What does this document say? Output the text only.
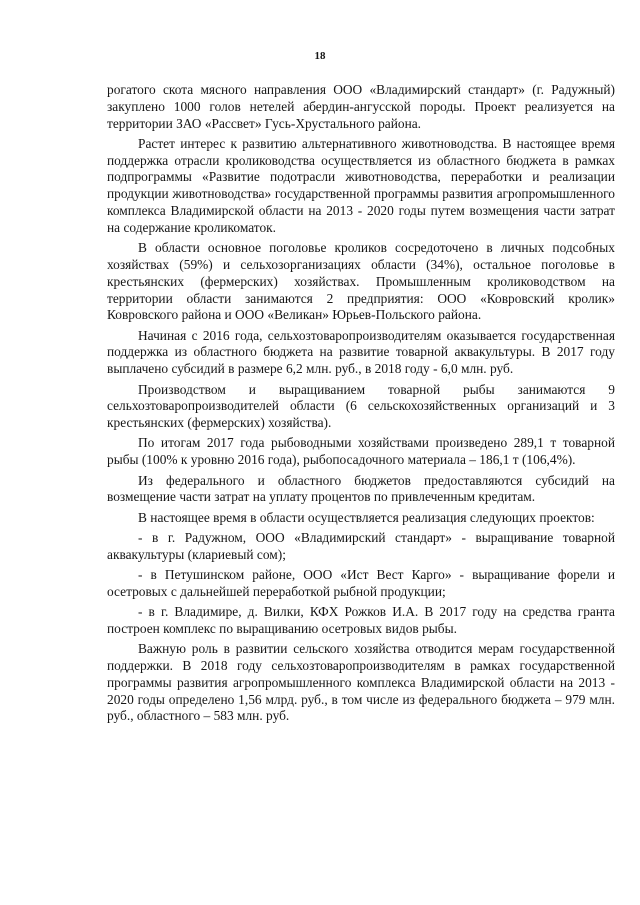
18

рогатого скота мясного направления ООО «Владимирский стандарт» (г. Радужный) закуплено 1000 голов нетелей абердин-ангусской породы. Проект реализуется на территории ЗАО «Рассвет» Гусь-Хрустального района.

Растет интерес к развитию альтернативного животноводства. В настоящее время поддержка отрасли кролиководства осуществляется из областного бюджета в рамках подпрограммы «Развитие подотрасли животноводства, переработки и реализации продукции животноводства» государственной программы развития агропромышленного комплекса Владимирской области на 2013 - 2020 годы путем возмещения части затрат на содержание кроликоматок.

В области основное поголовье кроликов сосредоточено в личных подсобных хозяйствах (59%) и сельхозорганизациях области (34%), остальное поголовье в крестьянских (фермерских) хозяйствах. Промышленным кролиководством на территории области занимаются 2 предприятия: ООО «Ковровский кролик» Ковровского района и ООО «Великан» Юрьев-Польского района.

Начиная с 2016 года, сельхозтоваропроизводителям оказывается государственная поддержка из областного бюджета на развитие товарной аквакультуры. В 2017 году выплачено субсидий в размере 6,2 млн. руб., в 2018 году - 6,0 млн. руб.

Производством и выращиванием товарной рыбы занимаются 9 сельхозтоваропроизводителей области (6 сельскохозяйственных организаций и 3 крестьянских (фермерских) хозяйства).

По итогам 2017 года рыбоводными хозяйствами произведено 289,1 т товарной рыбы (100% к уровню 2016 года), рыбопосадочного материала – 186,1 т (106,4%).

Из федерального и областного бюджетов предоставляются субсидий на возмещение части затрат на уплату процентов по привлеченным кредитам.

В настоящее время в области осуществляется реализация следующих проектов:

- в г. Радужном, ООО «Владимирский стандарт» - выращивание товарной аквакультуры (клариевый сом);

- в Петушинском районе, ООО «Ист Вест Карго» - выращивание форели и осетровых с дальнейшей переработкой рыбной продукции;

- в г. Владимире, д. Вилки, КФХ Рожков И.А. В 2017 году на средства гранта построен комплекс по выращиванию осетровых видов рыбы.

Важную роль в развитии сельского хозяйства отводится мерам государственной поддержки. В 2018 году сельхозтоваропроизводителям в рамках государственной программы развития агропромышленного комплекса Владимирской области на 2013 - 2020 годы определено 1,56 млрд. руб., в том числе из федерального бюджета – 979 млн. руб., областного – 583 млн. руб.
